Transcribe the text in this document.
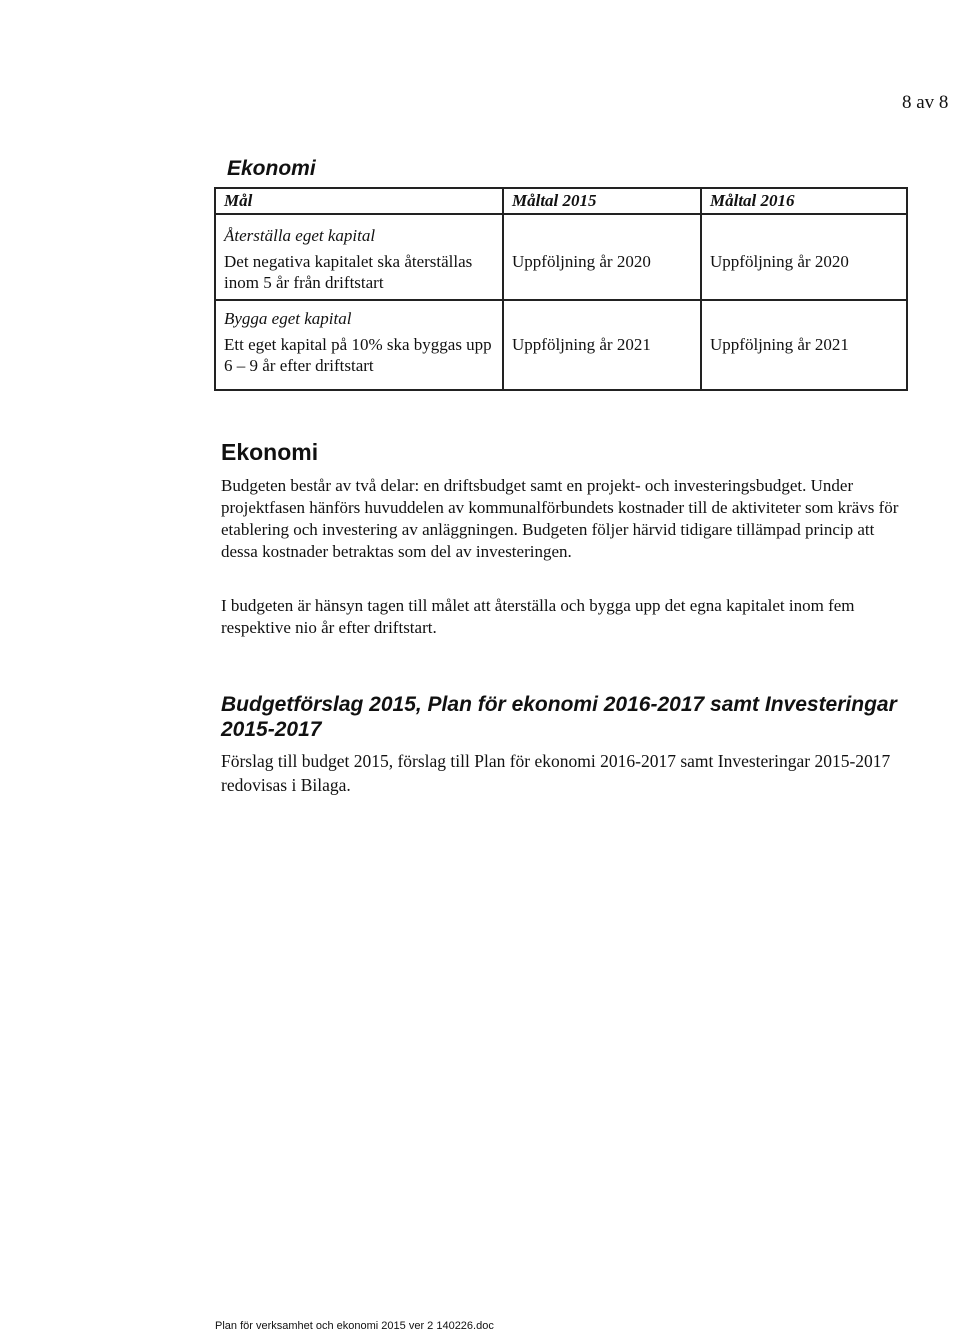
8 av 8
Ekonomi
Mål	Måltal 2015	Måltal 2016

Återställa eget kapital
Det negativa kapitalet ska återställas inom 5 år från driftstart	Uppföljning år 2020	Uppföljning år 2020

Bygga eget kapital
Ett eget kapital på 10% ska byggas upp 6 – 9 år efter driftstart	Uppföljning år 2021	Uppföljning år 2021
Ekonomi
Budgeten består av två delar: en driftsbudget samt en projekt- och investeringsbudget. Under projektfasen hänförs huvuddelen av kommunalförbundets kostnader till de aktiviteter som krävs för etablering och investering av anläggningen. Budgeten följer härvid tidigare tillämpad princip att dessa kostnader betraktas som del av investeringen.
I budgeten är hänsyn tagen till målet att återställa och bygga upp det egna kapitalet inom fem respektive nio år efter driftstart.
Budgetförslag 2015, Plan för ekonomi 2016-2017 samt Investeringar 2015-2017
Förslag till budget 2015, förslag till Plan för ekonomi 2016-2017 samt Investeringar 2015-2017 redovisas i Bilaga.
Plan för verksamhet och ekonomi 2015 ver 2 140226.doc
